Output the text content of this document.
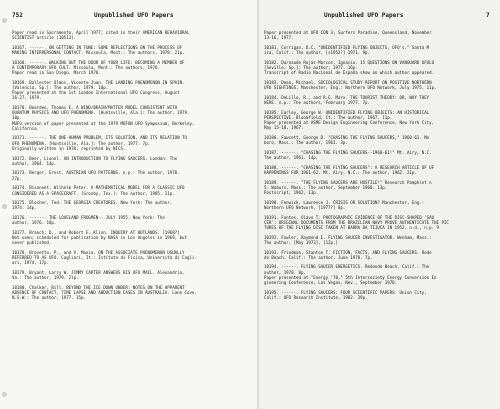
752	Unpublished UFO Papers
Paper read in Sacramento, April 1977; cited in their AMERICAN BEHAVIORAL
SCIENTIST article (10513).
10167. ------. ON GETTING IN TUNE: SOME REFLECTIONS ON THE PROCESS OF
MAKING INTERPERSONAL CONTACT. Missoula, Mont.: The authors, 1978. 21p.
10168. ------. WALKING OUT THE DOOR OF YOUR LIFE: BECOMING A MEMBER OF
A CONTEMPORARY UFO CULT. Missoula, Mont.: The authors, 1976.
Paper read in San Diego, March 1976.
10169. Ballester Olmos, Vicente-Juan. THE LANDING PHENOMENON IN SPAIN.
[Valencia, Sp.]: The author, 1979. 10p.
Paper presented at the 1st London International UFO Congress, August
26-27, 1979.
10170. Bearden, Thomas E. A WIND/BRAIN/MATTER MODEL CONSISTENT WITH
QUANTUM PHYSICS AND UFO PHENOMENA. [Huntsville, Ala.]: The author, 1979.
10p.
MUFO version of paper presented at the 1979 MUFON UFO Symposium, Berkeley,
California.
10171. ------. THE ONE HUMAN PROBLEM, ITS SOLUTION, AND ITS RELATION TO
UFO PHENOMENA. [Huntsville, Ala.]: The author, 1977. 7p.
Originally written in 1970; reprinted by NICS.
10172. Beer, Lionel. AN INTRODUCTION TO FLYING SAUCERS. London: The
author, 1964. 14p.
10173. Berger, Ernst. AUSTRIAN UFO PATTERNS. n.p.: The author, 1978.
27p.
10174. Bisonnet, Wilhelm Peter. A MATHEMATICAL MODEL FOR A CLASSIC UFO
CONSIDERED AS A SPACECRAFT. [Grosby, Tex.]: The author, 1985. 11p.
10175. Blocher, Ted. THE GEORGIA CREATURES. New York: The author,
1974. 14p.
10176. ------. THE LOVELAND FROGMEN-- JULY 1955. New York: The
author, 1976. 18p.
10177. Branch, D., and Robert E. Klinn. INQUIRY AT HOTLANDS. [1968?]
Not seen; scheduled for publication by NASA in Los Angeles in 1969, but
never published.
10178. Brovetto, P., and V. Maxia. ON THE ASSOCIATE PHENOMENON USUALLY
REFERRED TO AS UFO. Cagliari, It.: Istituto di Fisica, Università di Cagli-
ari, 1974. 17p.
10179. Bryant, Larry W. JIMMY CARTER ANSWERS HIS UFO MAIL. Alexandria,
Va.: The author, 1979. 2lp.
10180. Chalker, Bill. BEYOND THE ICE DOWN UNDER: NOTES ON THE APPARENT
ABSENCE OF CONTACT, TIME LAPSE AND ABDUCTION CASES IN AUSTRALIA. Lane Cove,
N.S.W.: The author, 1977. 15p.
Unpublished UFO Papers	7
Paper presented at UFO CON 3, Surfers Paradise, Queensland, November
13-16, 1977.
10181. Corrigan, D.C. "UNIDENTIFIED FLYING OBJECTS, UFO's." Santa M
ica, Calif.: The author, [c1952?] 1971. 9p.
10182. Darnaude Rojas-Marcos, Ignacio. 15 QUESTIONS ON VANGUARD UFOLO
[Seville, Sp.]: The author, 1977. 16p.
Transcript of Radio Nacional de España show on which author appeared.
10183. Dean, Michael. SOCIOLOGICAL STUDY REPORT ON POSITIVE NORTHERN
UFO SIGHTINGS. Manchester, Eng.: Northern UFO Network, July 1975. 11p.
10184. DeLillo, R., and R.E. Marx. THE TOURIST THEORY: OR, WHY THEY
HERE. n.p.: The authors, February 1977. 7p.
10185. Earley, George W. UNIDENTIFIED FLYING OBJECTS: AN HISTORICAL
PERSPECTIVE. Bloomfield, Ct.: The author, 1967. 11p.
Paper presented at ASME Design Engineering Conference, New York City,
May 15-18, 1967.
10186. Fawcett, George D. "CHASING THE FLYING SAUCERS," 1960-61. Mo
boro, Mass.: The author, 1961. 3p.
10187. ------. "CHASING THE FLYING SAUCERS--1960-61!" Mt. Airy, N.C.
The author, 1961. 14p.
10188. ------. "CHASING THE FLYING SAUCERS": A RESEARCH ARTICLE OF UF
HAPPENINGS FOR 1961-62. Mt. Airy, N.C.: The author, 1962. 21p.
10189. ------. "THE FLYING SAUCERS ARE HOSTILE!" Research Pamphlet n
5. Woburn, Mass.: The author, September 1960. 13p.
Postscript, 1962, 13p.
10190. Fenwick, Lawrence J. CRISIS OR SOLUTION? Manchester, Eng.:
Northern UFO Network, [1977?] 8p.
10191. Fontes, Olavo T. PHOTOGRAPHIC EVIDENCE OF THE DISC-SHAPED 'SAU
CER': ORIGINAL DOCUMENTS FROM THE BRAZILIAN NAVY PROVE AUTHENTICATE THE PIC
TURES OF THE FLYING DISC TAKEN AT BARRA DA TIJUCA IN 1952. n.d., n.p. 9
10192. Fowler, Raymond E. FLYING SAUCER INVESTIGATOR. Wenham, Mass.:
The author, [May 1973], [12p.]
10193. Friedman, Stanton T. FICTION, FACTS, AND FLYING SAUCERS. Redo
do Beach, Calif.: The author, June 1978. 7p.
10194. ------. FLYING SAUCER ENERGETICS. Redondo Beach, Calif.: The
author, 1970. 8p.
Paper presented at "Energy '70," 5th Intersociety Energy Conversion En
gineering Conference, Las Vegas, Nev., September 1970.
10195. ------. FLYING SAUCERS: FOUR SCIENTIFIC PAPERS. Union City,
Calif.: UFO Research Institute, 1982. 39p.
